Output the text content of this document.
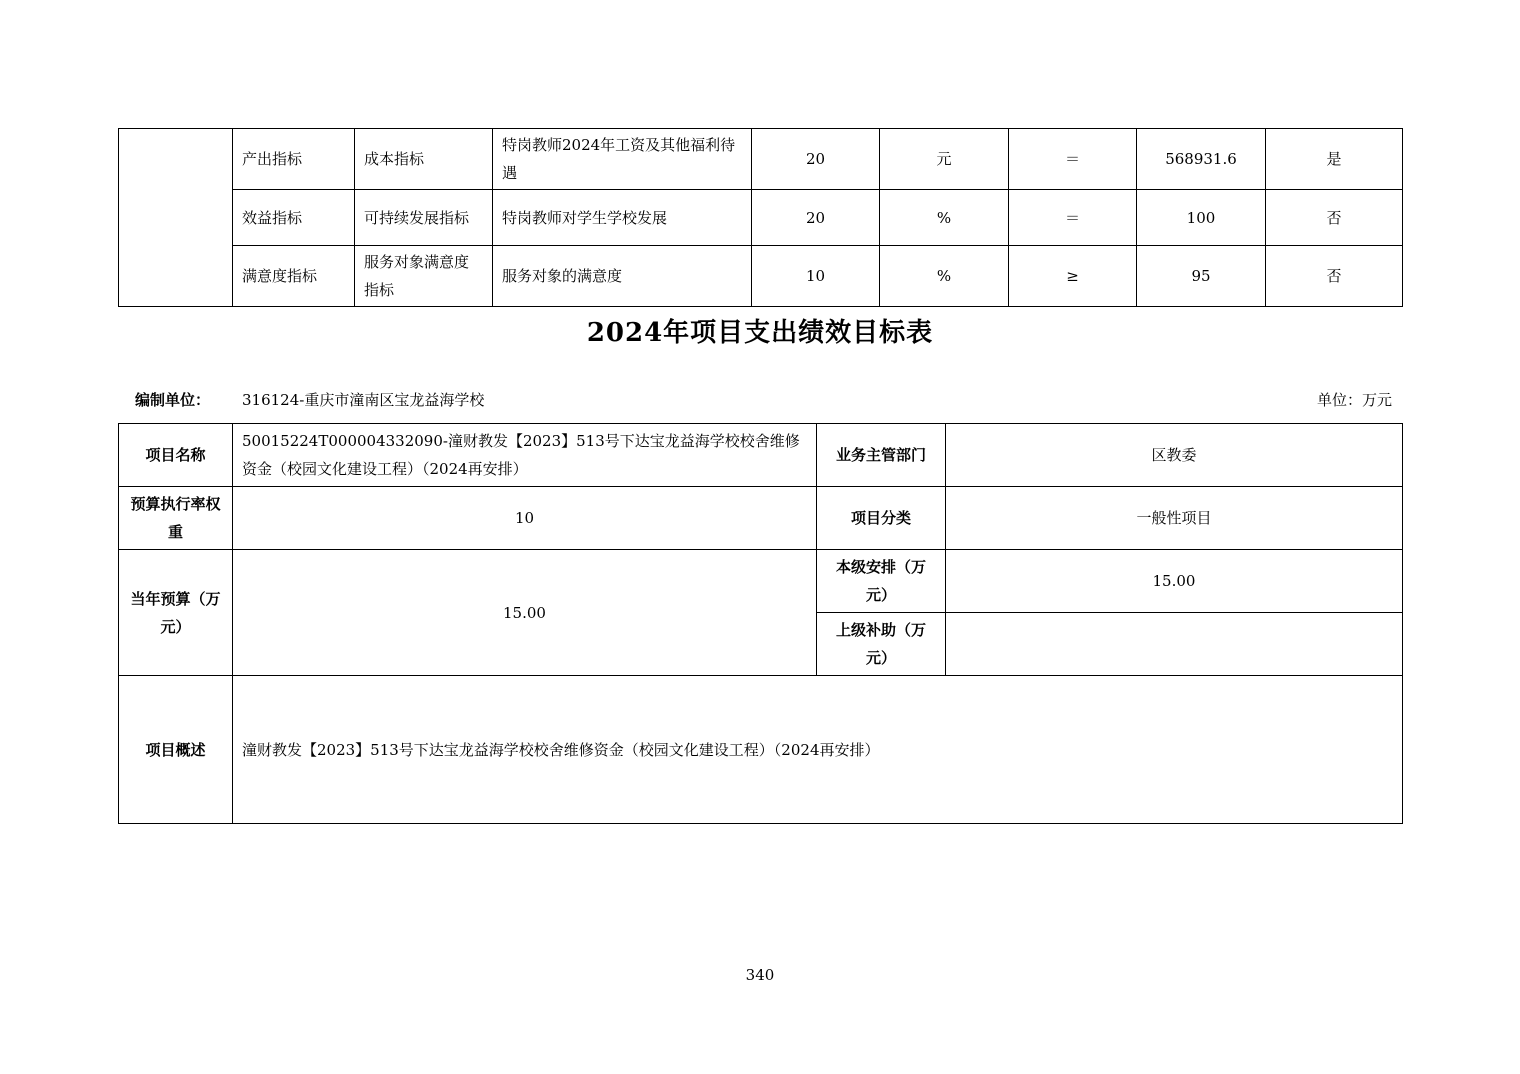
	产出指标	成本指标	特岗教师2024年工资及其他福利待遇	20	元	＝	568931.6	是
	效益指标	可持续发展指标	特岗教师对学生学校发展	20	%	＝	100	否
	满意度指标	服务对象满意度指标	服务对象的满意度	10	%	≥	95	否
2024年项目支出绩效目标表
编制单位： 316124-重庆市潼南区宝龙益海学校	单位：万元
项目名称	50015224T000004332090-潼财教发【2023】513号下达宝龙益海学校校舍维修资金（校园文化建设工程）（2024再安排）	业务主管部门	区教委
预算执行率权重	10	项目分类	一般性项目
当年预算（万元）	15.00	本级安排（万元）	15.00
		上级补助（万元）	
项目概述	潼财教发【2023】513号下达宝龙益海学校校舍维修资金（校园文化建设工程）（2024再安排）		
340
